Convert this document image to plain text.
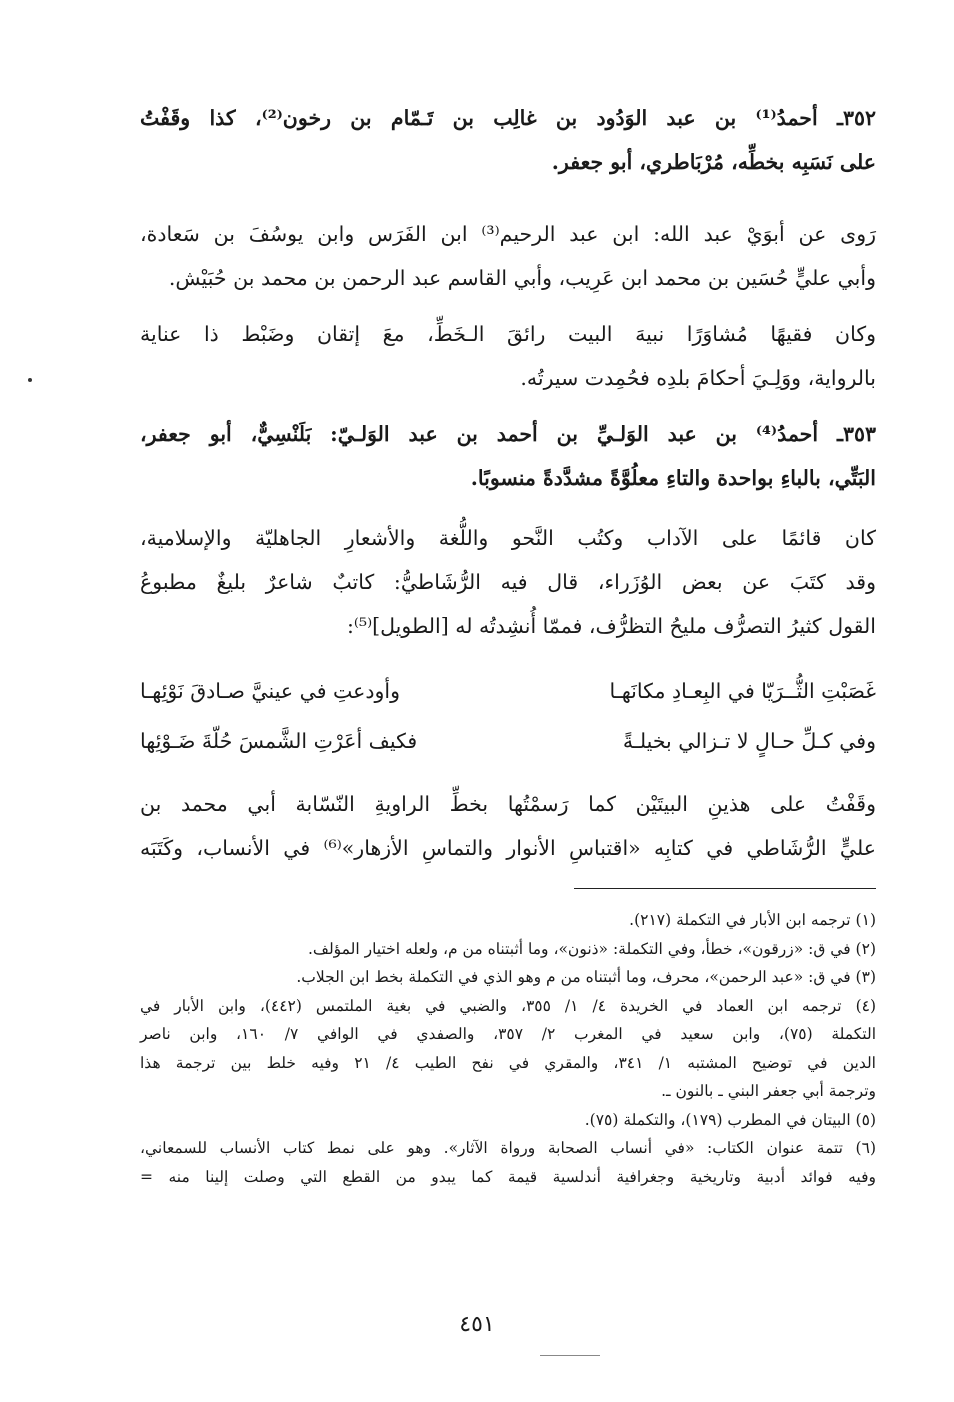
٣٥٢ـ أحمدُ⁽¹⁾ بن عبد الوَدُود بن غالِب بن تَـمّام بن رخون⁽²⁾، كذا وقَفْتُ

على نَسَبِه بخطِّه، مُرْبَاطري، أبو جعفر.

رَوى عن أبوَيْ عبد الله: ابن عبد الرحيم⁽³⁾ ابن الفَرَس وابن يوسُفَ بن سَعادة،

وأبي عليٍّ حُسَين بن محمد ابن عَرِيب، وأبي القاسم عبد الرحمن بن محمد بن حُبَيْش.

وكان فقيهًا مُشاوَرًا نبيهَ البيت رائقَ الـخَطِّ، معَ إتقان وضَبْط ذا عناية

بالرواية، ووَلِـيَ أحكامَ بلدِه فحُمِدت سيرتُه.

٣٥٣ـ أحمدُ⁽⁴⁾ بن عبد الوَلـيِّ بن أحمد بن عبد الوَلـيّ: بَلَنْسِيٌّ، أبو جعفر،

البَتِّي، بالباءِ بواحدة والتاءِ معلُوَّةً مشدَّدةً منسوبًا.

كان قائمًا على الآداب وكتُب النَّحو واللُّغة والأشعارِ الجاهليّة والإسلامية،

وقد كتَبَ عن بعض الوُزَراء، قال فيه الرُّشَاطيُّ: كاتبٌ شاعرٌ بليغٌ مطبوعُ

القول كثيرُ التصرُّف مليحُ التظرُّف، فممّا أُنشِدتُه له [الطويل]⁽⁵⁾:

غَصَبْتِ الثُّــرَيّا في البِعـادِ مكانَهـا
وأودعتِ في عينيَّ صـادقَ نَوْئِهـا
وفي كـلِّ حـالٍ لا تـزالي بخيلـةً
فكيف أعَرْتِ الشَّمسَ حُلّةَ ضَـوْئِها

وقَفْتُ على هذينِ البيتَيْن كما رَسمْتُها بخطِّ الراويةِ النّسّابة أبي محمد بن

عليٍّ الرُّشَاطي في كتابِه «اقتباسِ الأنوار والتماسِ الأزهار»⁽⁶⁾ في الأنساب، وكَتَبَه

(١) ترجمه ابن الأبار في التكملة (٢١٧).

(٢) في ق: «زرقون»، خطأ، وفي التكملة: «ذنون»، وما أثبتناه من م، ولعله اختيار المؤلف.

(٣) في ق: «عبد الرحمن»، محرف، وما أثبتناه من م وهو الذي في التكملة بخط ابن الجلاب.

(٤) ترجمه ابن العماد في الخريدة ٤/ ١/ ٣٥٥، والضبي في بغية الملتمس (٤٤٢)، وابن الأبار في

التكملة (٧٥)، وابن سعيد في المغرب ٢/ ٣٥٧، والصفدي في الوافي ٧/ ١٦٠، وابن ناصر

الدين في توضيح المشتبه ١/ ٣٤١، والمقري في نفح الطيب ٤/ ٢١ وفيه خلط بين ترجمة هذا

وترجمة أبي جعفر البني ـ بالنون ـ.

(٥) البيتان في المطرب (١٧٩)، والتكملة (٧٥).

(٦) تتمة عنوان الكتاب: «في أنساب الصحابة ورواة الآثار». وهو على نمط كتاب الأنساب للسمعاني،

وفيه فوائد أدبية وتاريخية وجغرافية أندلسية قيمة كما يبدو من القطع التي وصلت إلينا منه =

٤٥١
